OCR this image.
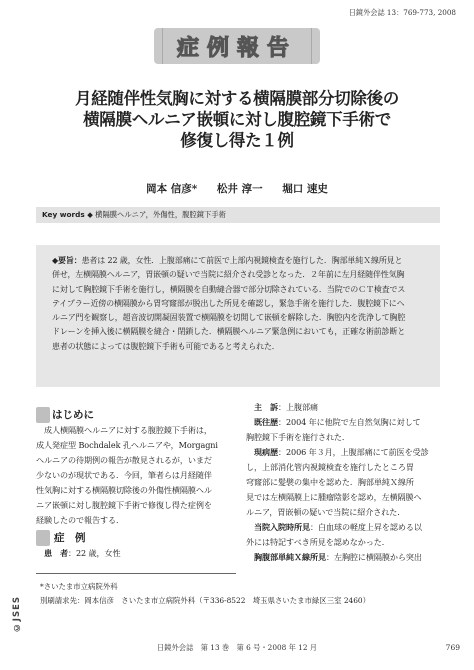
日鏡外会誌 13：769-773, 2008
症例報告
月経随伴性気胸に対する横隔膜部分切除後の
横隔膜ヘルニア嵌頓に対し腹腔鏡下手術で
修復し得た１例
岡本 信彦* 松井 淳一 堀口 速史
Key words ◆ 横隔膜ヘルニア，外傷性，腹腔鏡下手術
◆要旨：患者は 22 歳，女性．上腹部痛にて前医で上部内視鏡検査を施行した．胸部単純Ｘ線所見と
併せ，左横隔膜ヘルニア，胃嵌頓の疑いで当院に紹介され受診となった．２年前に左月経随伴性気胸
に対して胸腔鏡下手術を施行し，横隔膜を自動縫合器で部分切除されている．当院でのＣＴ検査でス
テイプラー近傍の横隔膜から胃穹窿部が脱出した所見を確認し，緊急手術を施行した．腹腔鏡下にヘ
ルニア門を観察し，超音波切開凝固装置で横隔膜を切開して嵌頓を解除した．胸腔内を洗浄して胸腔
ドレーンを挿入後に横隔膜を縫合・閉鎖した．横隔膜ヘルニア緊急例においても，正確な術前診断と
患者の状態によっては腹腔鏡下手術も可能であると考えられた．
は じめに
成人横隔膜ヘルニアに対する腹腔鏡下手術は，
成人発症型 Bochdalek 孔ヘルニアや，Morgagni
ヘルニアの待期例の報告が散見されるが，いまだ
少ないのが現状である．今回，筆者らは月経随伴
性気胸に対する横隔膜切除後の外傷性横隔膜ヘル
ニア嵌頓に対し腹腔鏡下手術で修復し得た症例を
経験したので報告する．
症　例
患　者：22 歳，女性
主　訴：上腹部痛
既往歴：2004 年に他院で左自然気胸に対して
胸腔鏡下手術を施行された．
現病歴：2006 年３月，上腹部痛にて前医を受診
し，上部消化管内視鏡検査を施行したところ胃
穹窿部に髪襞の集中を認めた．胸部単純Ｘ線所
見では左横隔膜上に腫瘤陰影を認め，左横隔膜ヘ
ルニア，胃嵌頓の疑いで当院に紹介された．
当院入院時所見：白血球の軽度上昇を認める以
外には特記すべき所見を認めなかった．
胸腹部単純Ｘ線所見：左胸腔に横隔膜から突出
*さいたま市立病院外科
別刷請求先：岡本信彦　さいたま市立病院外科（〒336-8522　埼玉県さいたま市緑区三室 2460）
©JSES
日鏡外会誌　第 13 巻　第 6 号・2008 年 12 月	769
